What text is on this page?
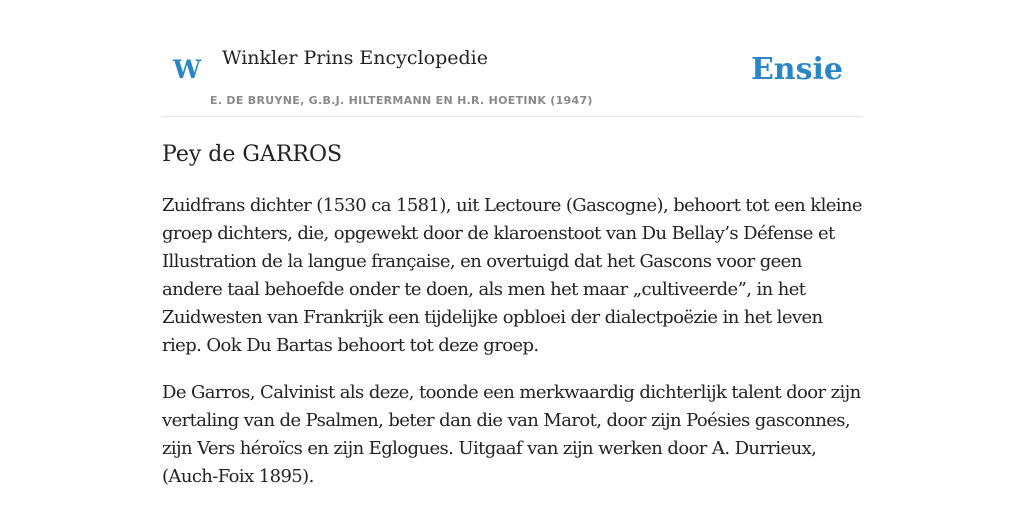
W Winkler Prins Encyclopedie	Ensie
E. DE BRUYNE, G.B.J. HILTERMANN EN H.R. HOETINK (1947)
Pey de GARROS

Zuidfrans dichter (1530 ca 1581), uit Lectoure (Gascogne), behoort tot een kleine groep dichters, die, opgewekt door de klaroenstoot van Du Bellay’s Défense et Illustration de la langue française, en overtuigd dat het Gascons voor geen andere taal behoefde onder te doen, als men het maar „cultiveerde”, in het Zuidwesten van Frankrijk een tijdelijke opbloei der dialectpoëzie in het leven riep. Ook Du Bartas behoort tot deze groep.

De Garros, Calvinist als deze, toonde een merkwaardig dichterlijk talent door zijn vertaling van de Psalmen, beter dan die van Marot, door zijn Poésies gasconnes, zijn Vers héroïcs en zijn Eglogues. Uitgaaf van zijn werken door A. Durrieux, (Auch-Foix 1895).
